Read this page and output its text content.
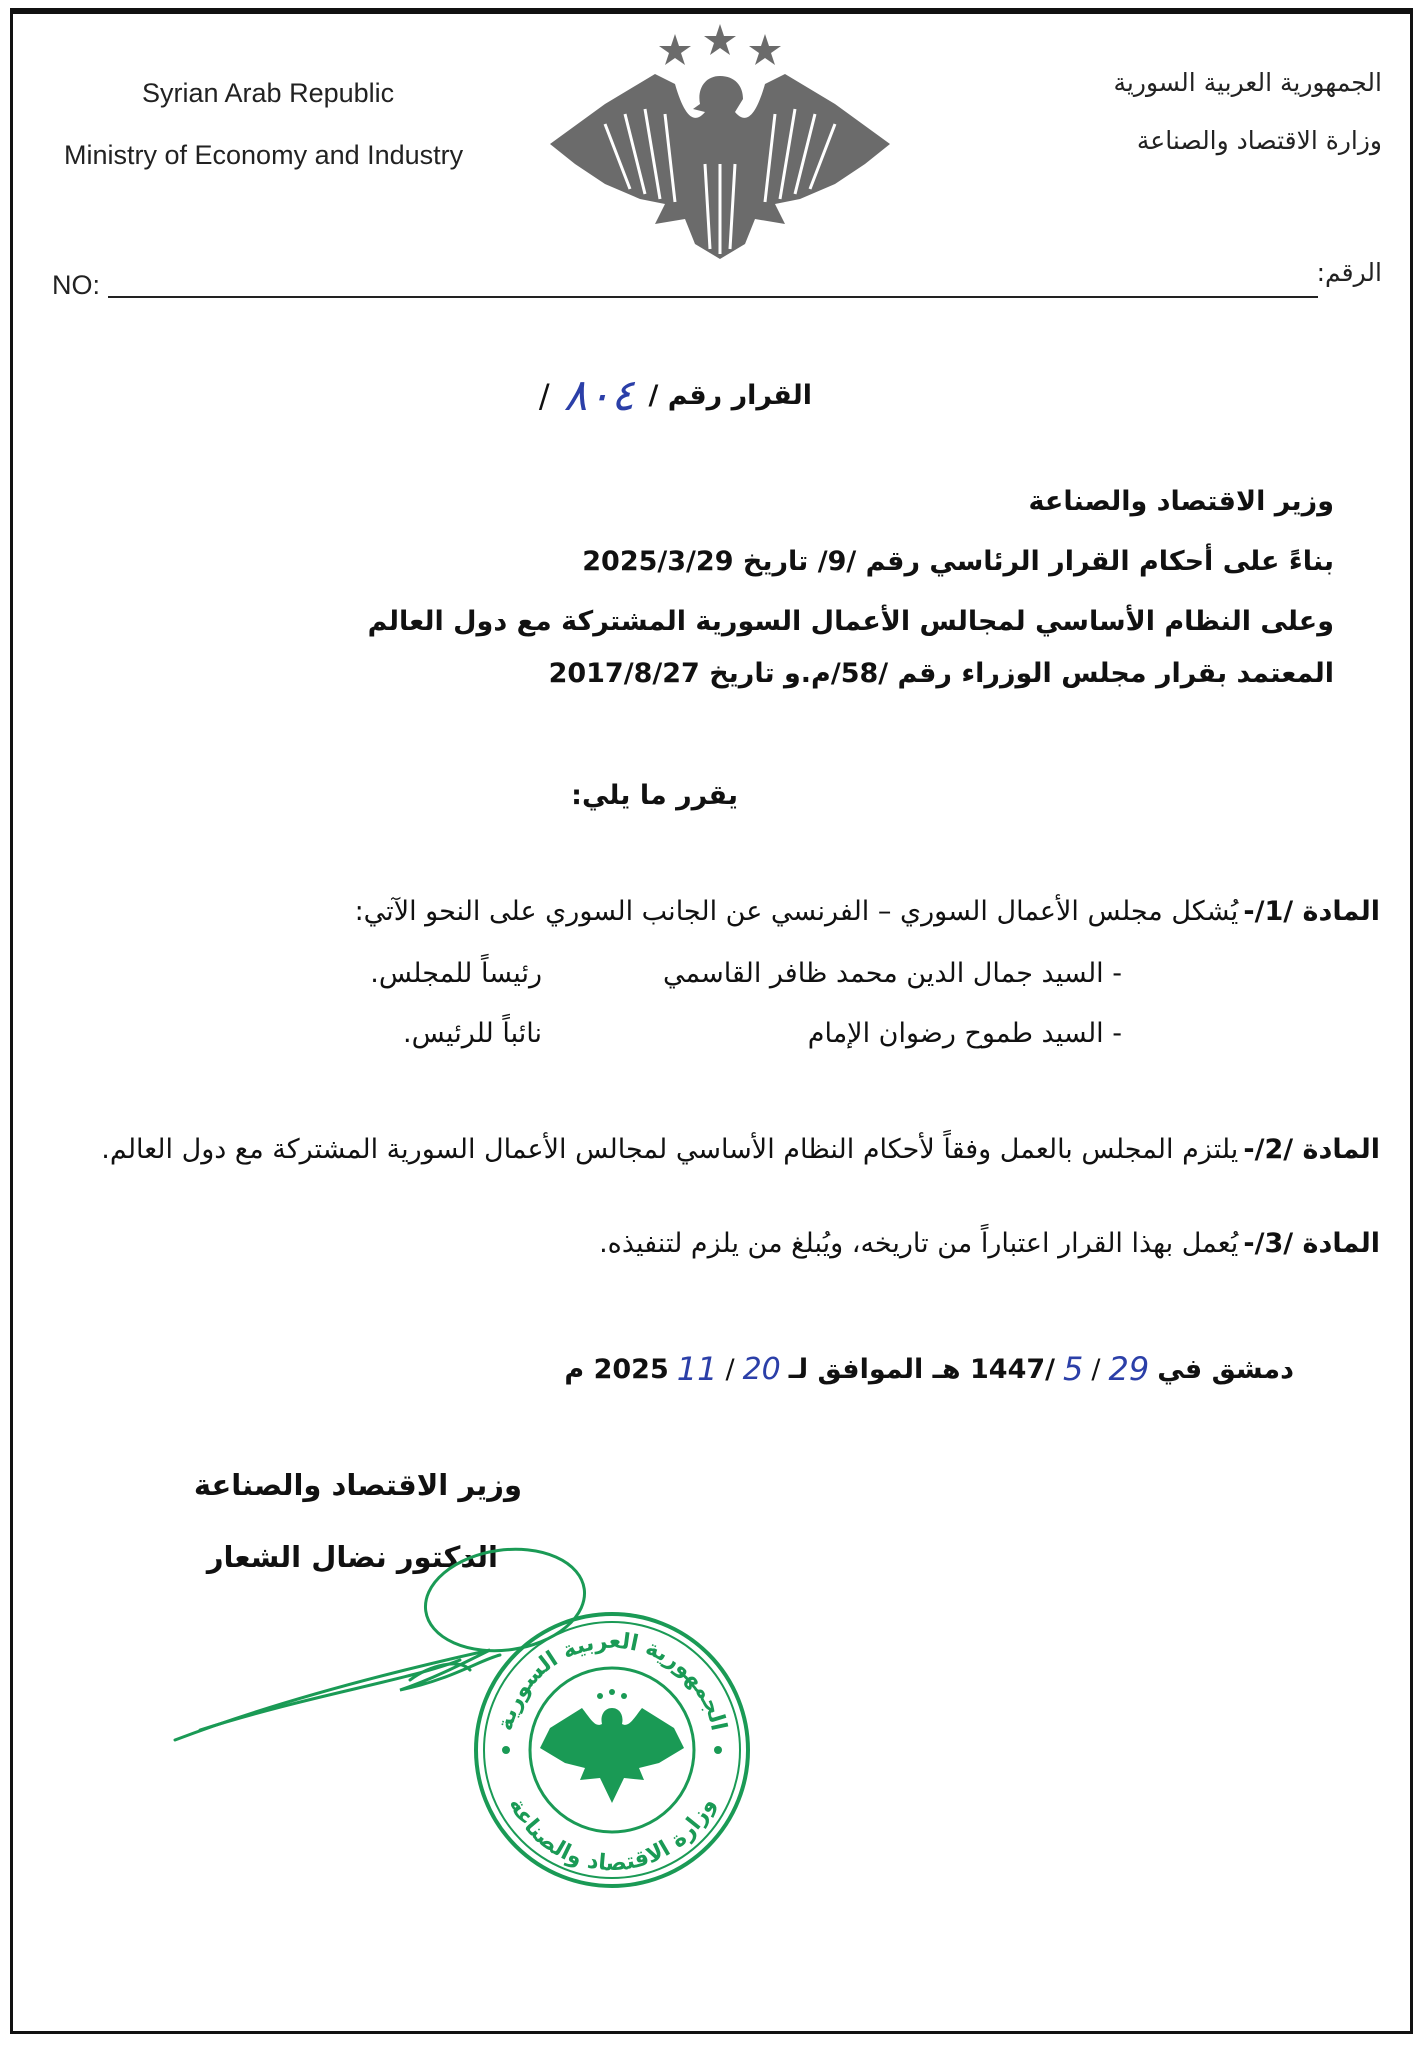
Syrian Arab Republic
Ministry of Economy and Industry
الجمهورية العربية السورية
وزارة الاقتصاد والصناعة
NO:	الرقم:
القرار رقم /
٨٠٤
/
وزير الاقتصاد والصناعة
بناءً على أحكام القرار الرئاسي رقم /9/ تاريخ 2025/3/29
وعلى النظام الأساسي لمجالس الأعمال السورية المشتركة مع دول العالم
المعتمد بقرار مجلس الوزراء رقم /58/م.و تاريخ 2017/8/27
يقرر ما يلي:
المادة /1/- يُشكل مجلس الأعمال السوري – الفرنسي عن الجانب السوري على النحو الآتي:
- السيد جمال الدين محمد ظافر القاسمي
رئيساً للمجلس.
- السيد طموح رضوان الإمام
نائباً للرئيس.
المادة /2/- يلتزم المجلس بالعمل وفقاً لأحكام النظام الأساسي لمجالس الأعمال السورية المشتركة مع دول العالم.
المادة /3/- يُعمل بهذا القرار اعتباراً من تاريخه، ويُبلغ من يلزم لتنفيذه.
دمشق في
29
/
5
/1447 هـ الموافق لـ
20
/
11
2025 م
وزير الاقتصاد والصناعة
الدكتور نضال الشعار
الجمهورية العربية السورية
وزارة الاقتصاد والصناعة
